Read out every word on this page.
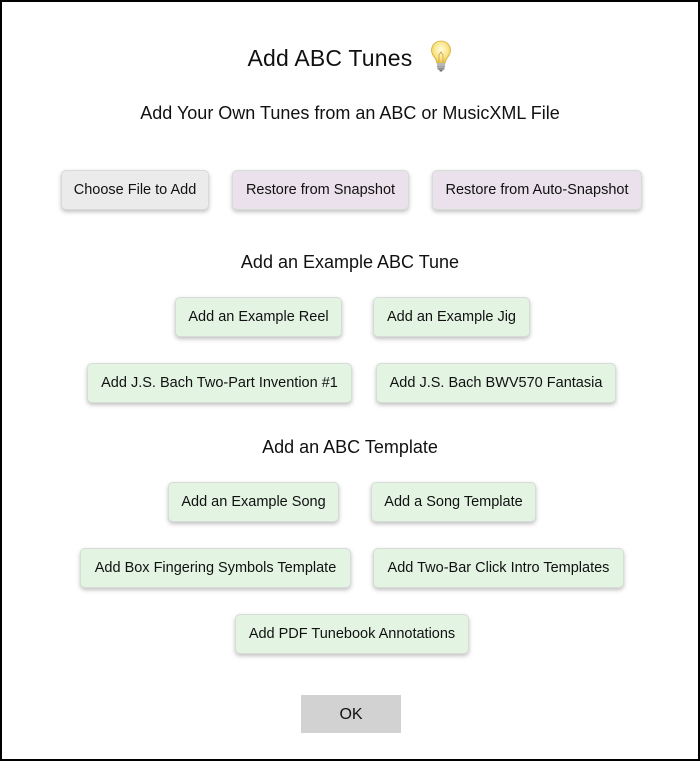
Add ABC Tunes
Add Your Own Tunes from an ABC or MusicXML File
Choose File to Add	Restore from Snapshot	Restore from Auto-Snapshot
Add an Example ABC Tune
Add an Example Reel	Add an Example Jig
Add J.S. Bach Two-Part Invention #1	Add J.S. Bach BWV570 Fantasia
Add an ABC Template
Add an Example Song	Add a Song Template
Add Box Fingering Symbols Template	Add Two-Bar Click Intro Templates
Add PDF Tunebook Annotations
OK
